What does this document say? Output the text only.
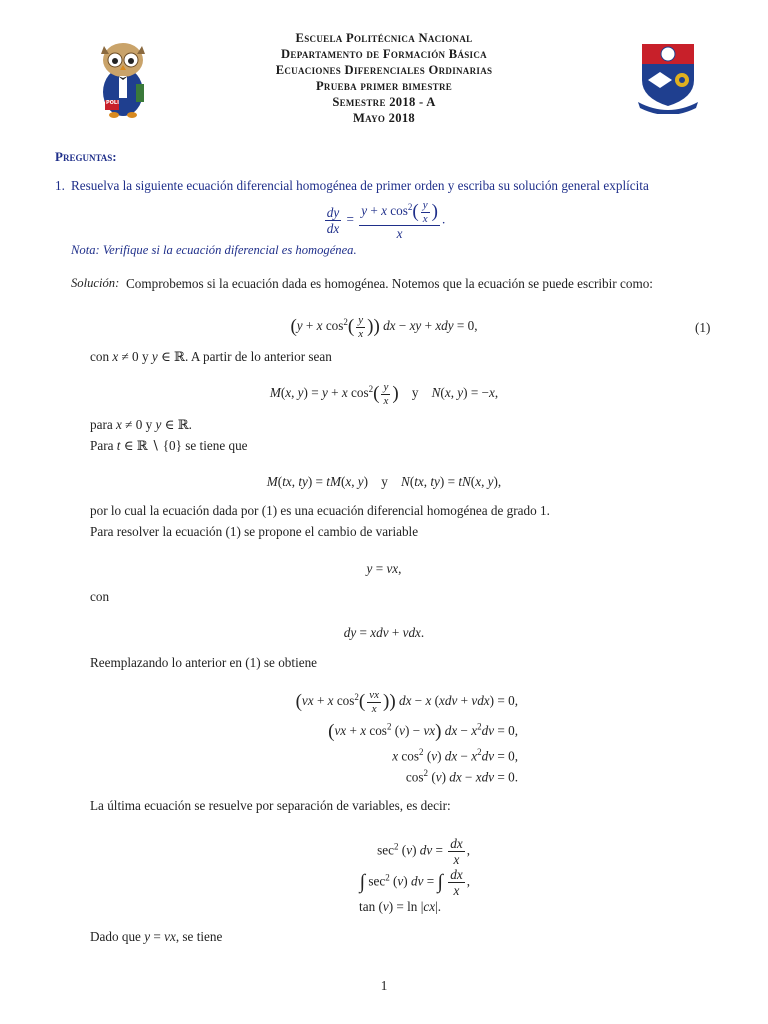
POLI
Escuela Politécnica Nacional
Departamento de Formación Básica
Ecuaciones Diferenciales Ordinarias
Prueba primer bimestre
Semestre 2018 - A
Mayo 2018
Preguntas:
1. Resuelva la siguiente ecuación diferencial homogénea de primer orden y escriba su solución general explícita
$\frac{dy}{dx} = \frac{y + x \cos^2( \frac{y}{x} )}{x}$ .
Nota: Verifique si la ecuación diferencial es homogénea.
Solución: Comprobemos si la ecuación dada es homogénea. Notemos que la ecuación se puede escribir como:
(y + x $\cos^2( \frac{y}{x}$ )) dx − xy + xdy = 0,	(1)
con x ≠ 0 y y ∈ ℝ. A partir de lo anterior sean
M(x, y) = y + x $\cos^2( \frac{y}{x}$ ) y N(x, y) = −x,
para x ≠ 0 y y ∈ ℝ.
Para t ∈ ℝ ∖ {0} se tiene que
M(tx, ty) = tM(x, y)    y N(tx, ty) = tN(x, y),
por lo cual la ecuación dada por (1) es una ecuación diferencial homogénea de grado 1.
Para resolver la ecuación (1) se propone el cambio de variable
y = vx,
con
dy = xdv + vdx.
Reemplazando lo anterior en (1) se obtiene
(vx + x $\cos^2( \frac{vx}{x}$ )) dx − x (xdv + vdx) = 0,
(vx + x $\cos^2 (v) - vx$) dx − $x^2dv = 0$,
x $\cos^2 (v)$ dx − $x^2dv = 0$,
$\cos^2 (v)$ dx − xdv = 0.
La última ecuación se resuelve por separación de variables, es decir:
$\sec^2 (v)$ dv = $\frac{dx}{x}$ ,
∫ $\sec^2 (v)$ dv = ∫ $\frac{dx}{x}$ ,
tan (v) = ln |cx|.
Dado que y = vx, se tiene
1
